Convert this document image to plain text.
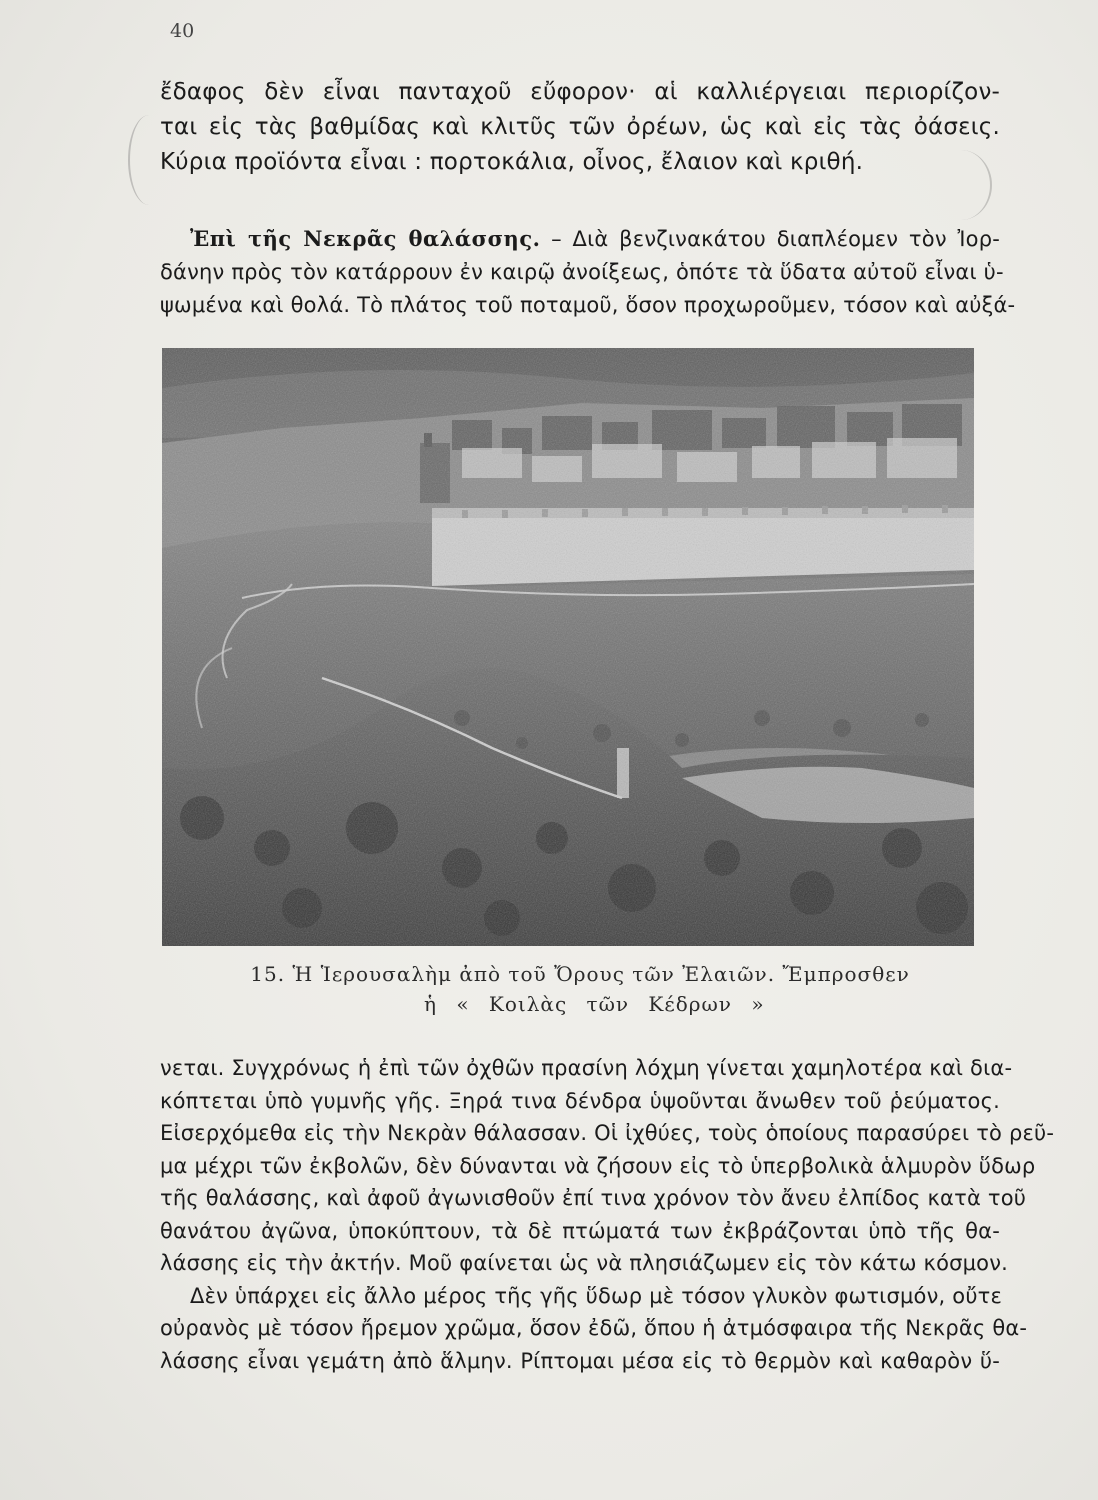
40
ἔδαφος δὲν εἶναι πανταχοῦ εὔφορον· αἱ καλλιέργειαι περιορίζον-
ται εἰς τὰς βαθμίδας καὶ κλιτῦς τῶν ὀρέων, ὡς καὶ εἰς τὰς ὀάσεις.
Κύρια προϊόντα εἶναι : πορτοκάλια, οἶνος, ἔλαιον καὶ κριθή.
Ἐπὶ τῆς Νεκρᾶς θαλάσσης. – Διὰ βενζινακάτου διαπλέομεν τὸν Ἰορ-
δάνην πρὸς τὸν κατάρρουν ἐν καιρῷ ἀνοίξεως, ὁπότε τὰ ὕδατα αὐτοῦ εἶναι ὑ-
ψωμένα καὶ θολά. Τὸ πλάτος τοῦ ποταμοῦ, ὅσον προχωροῦμεν, τόσον καὶ αὐξά-
15. Ἡ Ἱερουσαλὴμ ἀπὸ τοῦ Ὄρους τῶν Ἐλαιῶν. Ἔμπροσθεν
ἡ « Κοιλὰς τῶν Κέδρων »
νεται. Συγχρόνως ἡ ἐπὶ τῶν ὀχθῶν πρασίνη λόχμη γίνεται χαμηλοτέρα καὶ δια-
κόπτεται ὑπὸ γυμνῆς γῆς. Ξηρά τινα δένδρα ὑψοῦνται ἄνωθεν τοῦ ῥεύματος.
Εἰσερχόμεθα εἰς τὴν Νεκρὰν θάλασσαν. Οἱ ἰχθύες, τοὺς ὁποίους παρασύρει τὸ ρεῦ-
μα μέχρι τῶν ἐκβολῶν, δὲν δύνανται νὰ ζήσουν εἰς τὸ ὑπερβολικὰ ἁλμυρὸν ὕδωρ
τῆς θαλάσσης, καὶ ἀφοῦ ἀγωνισθοῦν ἐπί τινα χρόνον τὸν ἄνευ ἐλπίδος κατὰ τοῦ
θανάτου ἀγῶνα, ὑποκύπτουν, τὰ δὲ πτώματά των ἐκβράζονται ὑπὸ τῆς θα-
λάσσης εἰς τὴν ἀκτήν. Μοῦ φαίνεται ὡς νὰ πλησιάζωμεν εἰς τὸν κάτω κόσμον.
Δὲν ὑπάρχει εἰς ἄλλο μέρος τῆς γῆς ὕδωρ μὲ τόσον γλυκὸν φωτισμόν, οὔτε
οὐρανὸς μὲ τόσον ἤρεμον χρῶμα, ὅσον ἐδῶ, ὅπου ἡ ἀτμόσφαιρα τῆς Νεκρᾶς θα-
λάσσης εἶναι γεμάτη ἀπὸ ἅλμην. Ρίπτομαι μέσα εἰς τὸ θερμὸν καὶ καθαρὸν ὕ-
